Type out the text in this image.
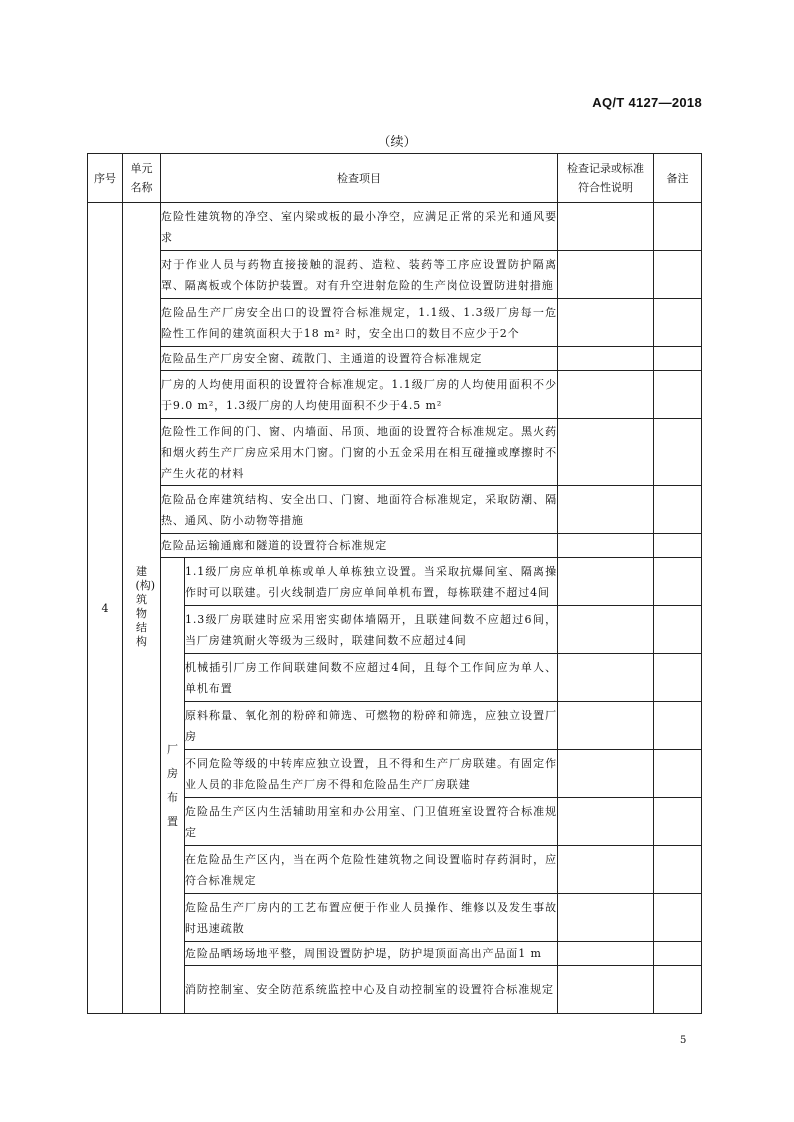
AQ/T 4127—2018
（续）
序号	单元名称	检查项目		检查记录或标准符合性说明	备注
4	建(构)筑物结构	危险性建筑物的净空、室内梁或板的最小净空，应满足正常的采光和通风要求			
		对于作业人员与药物直接接触的混药、造粒、装药等工序应设置防护隔离罩、隔离板或个体防护装置。对有升空进射危险的生产岗位设置防进射措施			
		危险品生产厂房安全出口的设置符合标准规定，1.1级、1.3级厂房每一危险性工作间的建筑面积大于18 m² 时，安全出口的数目不应少于2个			
		危险品生产厂房安全窗、疏散门、主通道的设置符合标准规定			
		厂房的人均使用面积的设置符合标准规定。1.1级厂房的人均使用面积不少于9.0 m²，1.3级厂房的人均使用面积不少于4.5 m²			
		危险性工作间的门、窗、内墙面、吊顶、地面的设置符合标准规定。黑火药和烟火药生产厂房应采用木门窗。门窗的小五金采用在相互碰撞或摩擦时不产生火花的材料			
		危险品仓库建筑结构、安全出口、门窗、地面符合标准规定，采取防潮、隔热、通风、防小动物等措施			
		危险品运输通廊和隧道的设置符合标准规定			
		厂房布置	1.1级厂房应单机单栋或单人单栋独立设置。当采取抗爆间室、隔离操作时可以联建。引火线制造厂房应单间单机布置，每栋联建不超过4间		
			1.3级厂房联建时应采用密实砌体墙隔开，且联建间数不应超过6间，当厂房建筑耐火等级为三级时，联建间数不应超过4间		
			机械插引厂房工作间联建间数不应超过4间，且每个工作间应为单人、单机布置		
			原料称量、氧化剂的粉碎和筛选、可燃物的粉碎和筛选，应独立设置厂房		
			不同危险等级的中转库应独立设置，且不得和生产厂房联建。有固定作业人员的非危险品生产厂房不得和危险品生产厂房联建		
			危险品生产区内生活辅助用室和办公用室、门卫值班室设置符合标准规定		
			在危险品生产区内，当在两个危险性建筑物之间设置临时存药洞时，应符合标准规定		
			危险品生产厂房内的工艺布置应便于作业人员操作、维修以及发生事故时迅速疏散		
			危险品晒场场地平整，周围设置防护堤，防护堤顶面高出产品面1 m		
			消防控制室、安全防范系统监控中心及自动控制室的设置符合标准规定		
5
